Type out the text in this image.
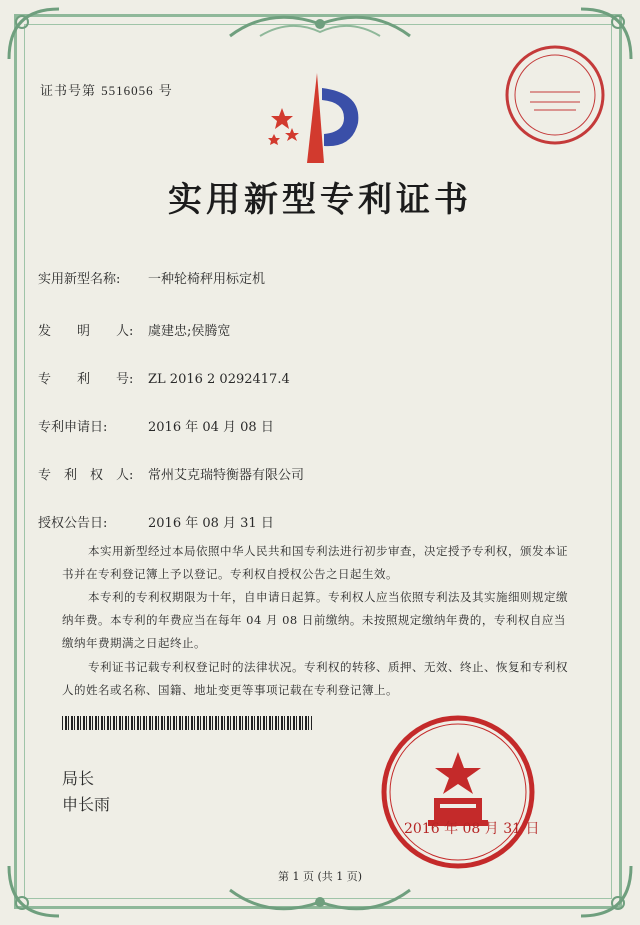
证书号第 5516056 号
实用新型专利证书
实用新型名称: 一种轮椅秤用标定机
发　　明　　人: 虞建忠;侯腾宽
专　　利　　号: ZL 2016 2 0292417.4
专利申请日:	2016 年 04 月 08 日
专　利　权　人: 常州艾克瑞特衡器有限公司
授权公告日:	2016 年 08 月 31 日
本实用新型经过本局依照中华人民共和国专利法进行初步审查，决定授予专利权，颁发本证书并在专利登记簿上予以登记。专利权自授权公告之日起生效。
本专利的专利权期限为十年，自申请日起算。专利权人应当依照专利法及其实施细则规定缴纳年费。本专利的年费应当在每年 04 月 08 日前缴纳。未按照规定缴纳年费的，专利权自应当缴纳年费期满之日起终止。
专利证书记载专利权登记时的法律状况。专利权的转移、质押、无效、终止、恢复和专利权人的姓名或名称、国籍、地址变更等事项记载在专利登记簿上。
局长
申长雨
2016 年 08 月 31 日
第 1 页 (共 1 页)
